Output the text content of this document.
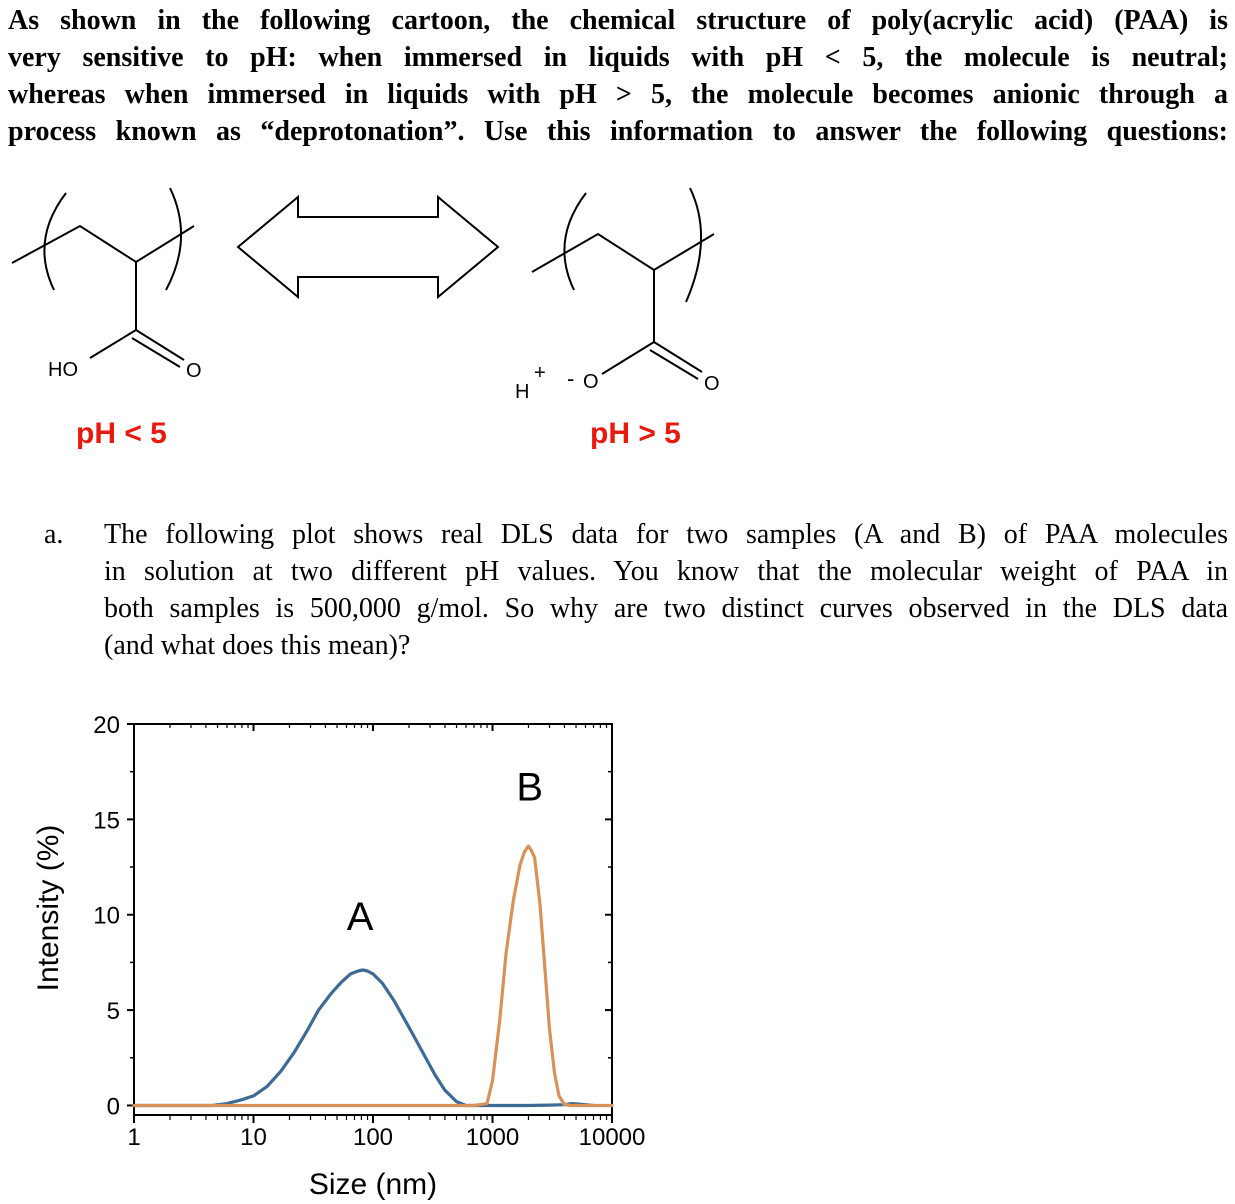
As shown in the following cartoon, the chemical structure of poly(acrylic acid) (PAA) is
very sensitive to pH: when immersed in liquids with pH < 5, the molecule is neutral;
whereas when immersed in liquids with pH > 5, the molecule becomes anionic through a
process known as “deprotonation”. Use this information to answer the following questions:
HO	O
pH < 5
H
+ - O	O
pH > 5
a. The following plot shows real DLS data for two samples (A and B) of PAA molecules
in solution at two different pH values. You know that the molecular weight of PAA in
both samples is 500,000 g/mol. So why are two distinct curves observed in the DLS data
(and what does this mean)?
1	10	100	1000 10000
0
5
10
15
20
A
B
Size (nm)
Intensity (%)
